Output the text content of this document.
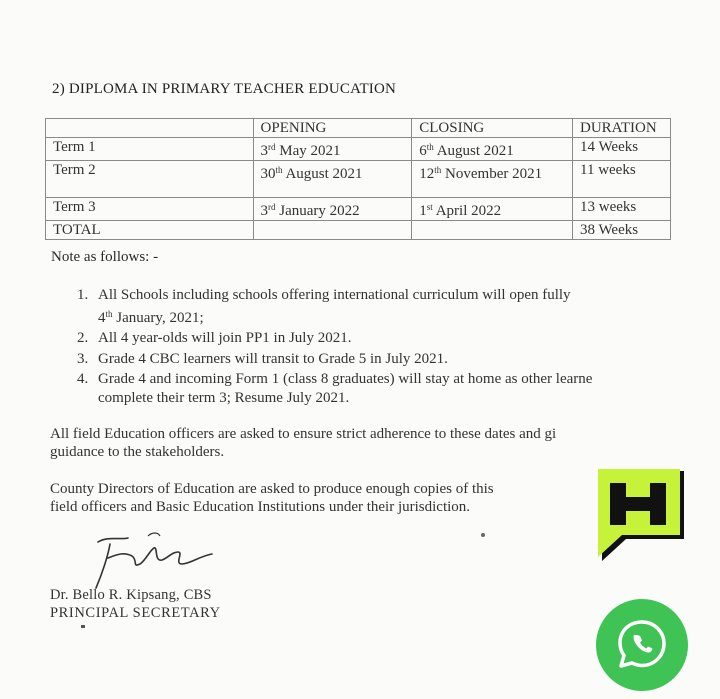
2) DIPLOMA IN PRIMARY TEACHER EDUCATION
	OPENING	CLOSING	DURATION
Term 1	3rd May 2021	6th August 2021	14 Weeks
Term 2	30th August 2021	12th November 2021	11 weeks
Term 3	3rd January 2022	1st April 2022	13 weeks
TOTAL			38 Weeks
Note as follows: -
1. All Schools including schools offering international curriculum will open fully
4th January, 2021;
2. All 4 year-olds will join PP1 in July 2021.
3. Grade 4 CBC learners will transit to Grade 5 in July 2021.
4. Grade 4 and incoming Form 1 (class 8 graduates) will stay at home as other learne
complete their term 3; Resume July 2021.
All field Education officers are asked to ensure strict adherence to these dates and gi
guidance to the stakeholders.
County Directors of Education are asked to produce enough copies of this
field officers and Basic Education Institutions under their jurisdiction.
Dr. Bello R. Kipsang, CBS
PRINCIPAL SECRETARY
